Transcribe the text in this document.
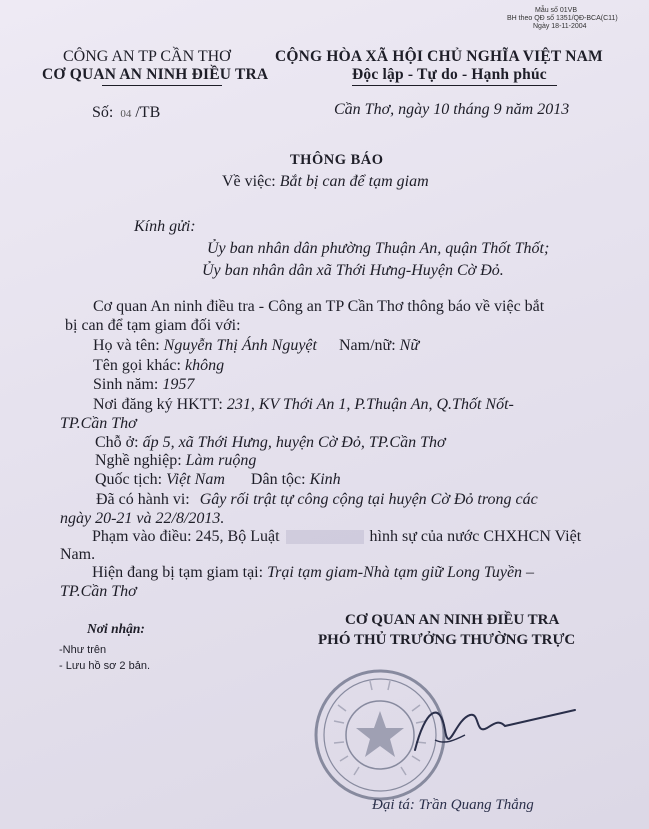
Mẫu số 01VB
BH theo QĐ số 1351/QĐ-BCA(C11)
Ngày 18-11-2004
CÔNG AN TP CẦN THƠ
CƠ QUAN AN NINH ĐIỀU TRA
CỘNG HÒA XÃ HỘI CHỦ NGHĨA VIỆT NAM
Độc lập - Tự do - Hạnh phúc
Số: 04 /TB	Cần Thơ, ngày 10 tháng 9 năm 2013
THÔNG BÁO
Về việc: Bắt bị can để tạm giam
Kính gửi:
Ủy ban nhân dân phường Thuận An, quận Thốt Thốt;
Ủy ban nhân dân xã Thới Hưng-Huyện Cờ Đỏ.
Cơ quan An ninh điều tra - Công an TP Cần Thơ thông báo về việc bắt
bị can để tạm giam đối với:
Họ và tên: Nguyễn Thị Ánh Nguyệt Nam/nữ: Nữ
Tên gọi khác: không
Sinh năm: 1957
Nơi đăng ký HKTT: 231, KV Thới An 1, P.Thuận An, Q.Thốt Nốt-
TP.Cần Thơ
Chỗ ở: ấp 5, xã Thới Hưng, huyện Cờ Đỏ, TP.Cần Thơ
Nghề nghiệp: Làm ruộng
Quốc tịch: Việt Nam Dân tộc: Kinh
Đã có hành vi: Gây rối trật tự công cộng tại huyện Cờ Đỏ trong các
ngày 20-21 và 22/8/2013.
Phạm vào điều: 245, Bộ Luật	hình sự của nước CHXHCN Việt
Nam.
Hiện đang bị tạm giam tại: Trại tạm giam-Nhà tạm giữ Long Tuyền –
TP.Cần Thơ
Nơi nhận:
-Như trên
- Lưu hồ sơ 2 bản.
CƠ QUAN AN NINH ĐIỀU TRA
PHÓ THỦ TRƯỞNG THƯỜNG TRỰC
Đại tá: Trần Quang Thắng
